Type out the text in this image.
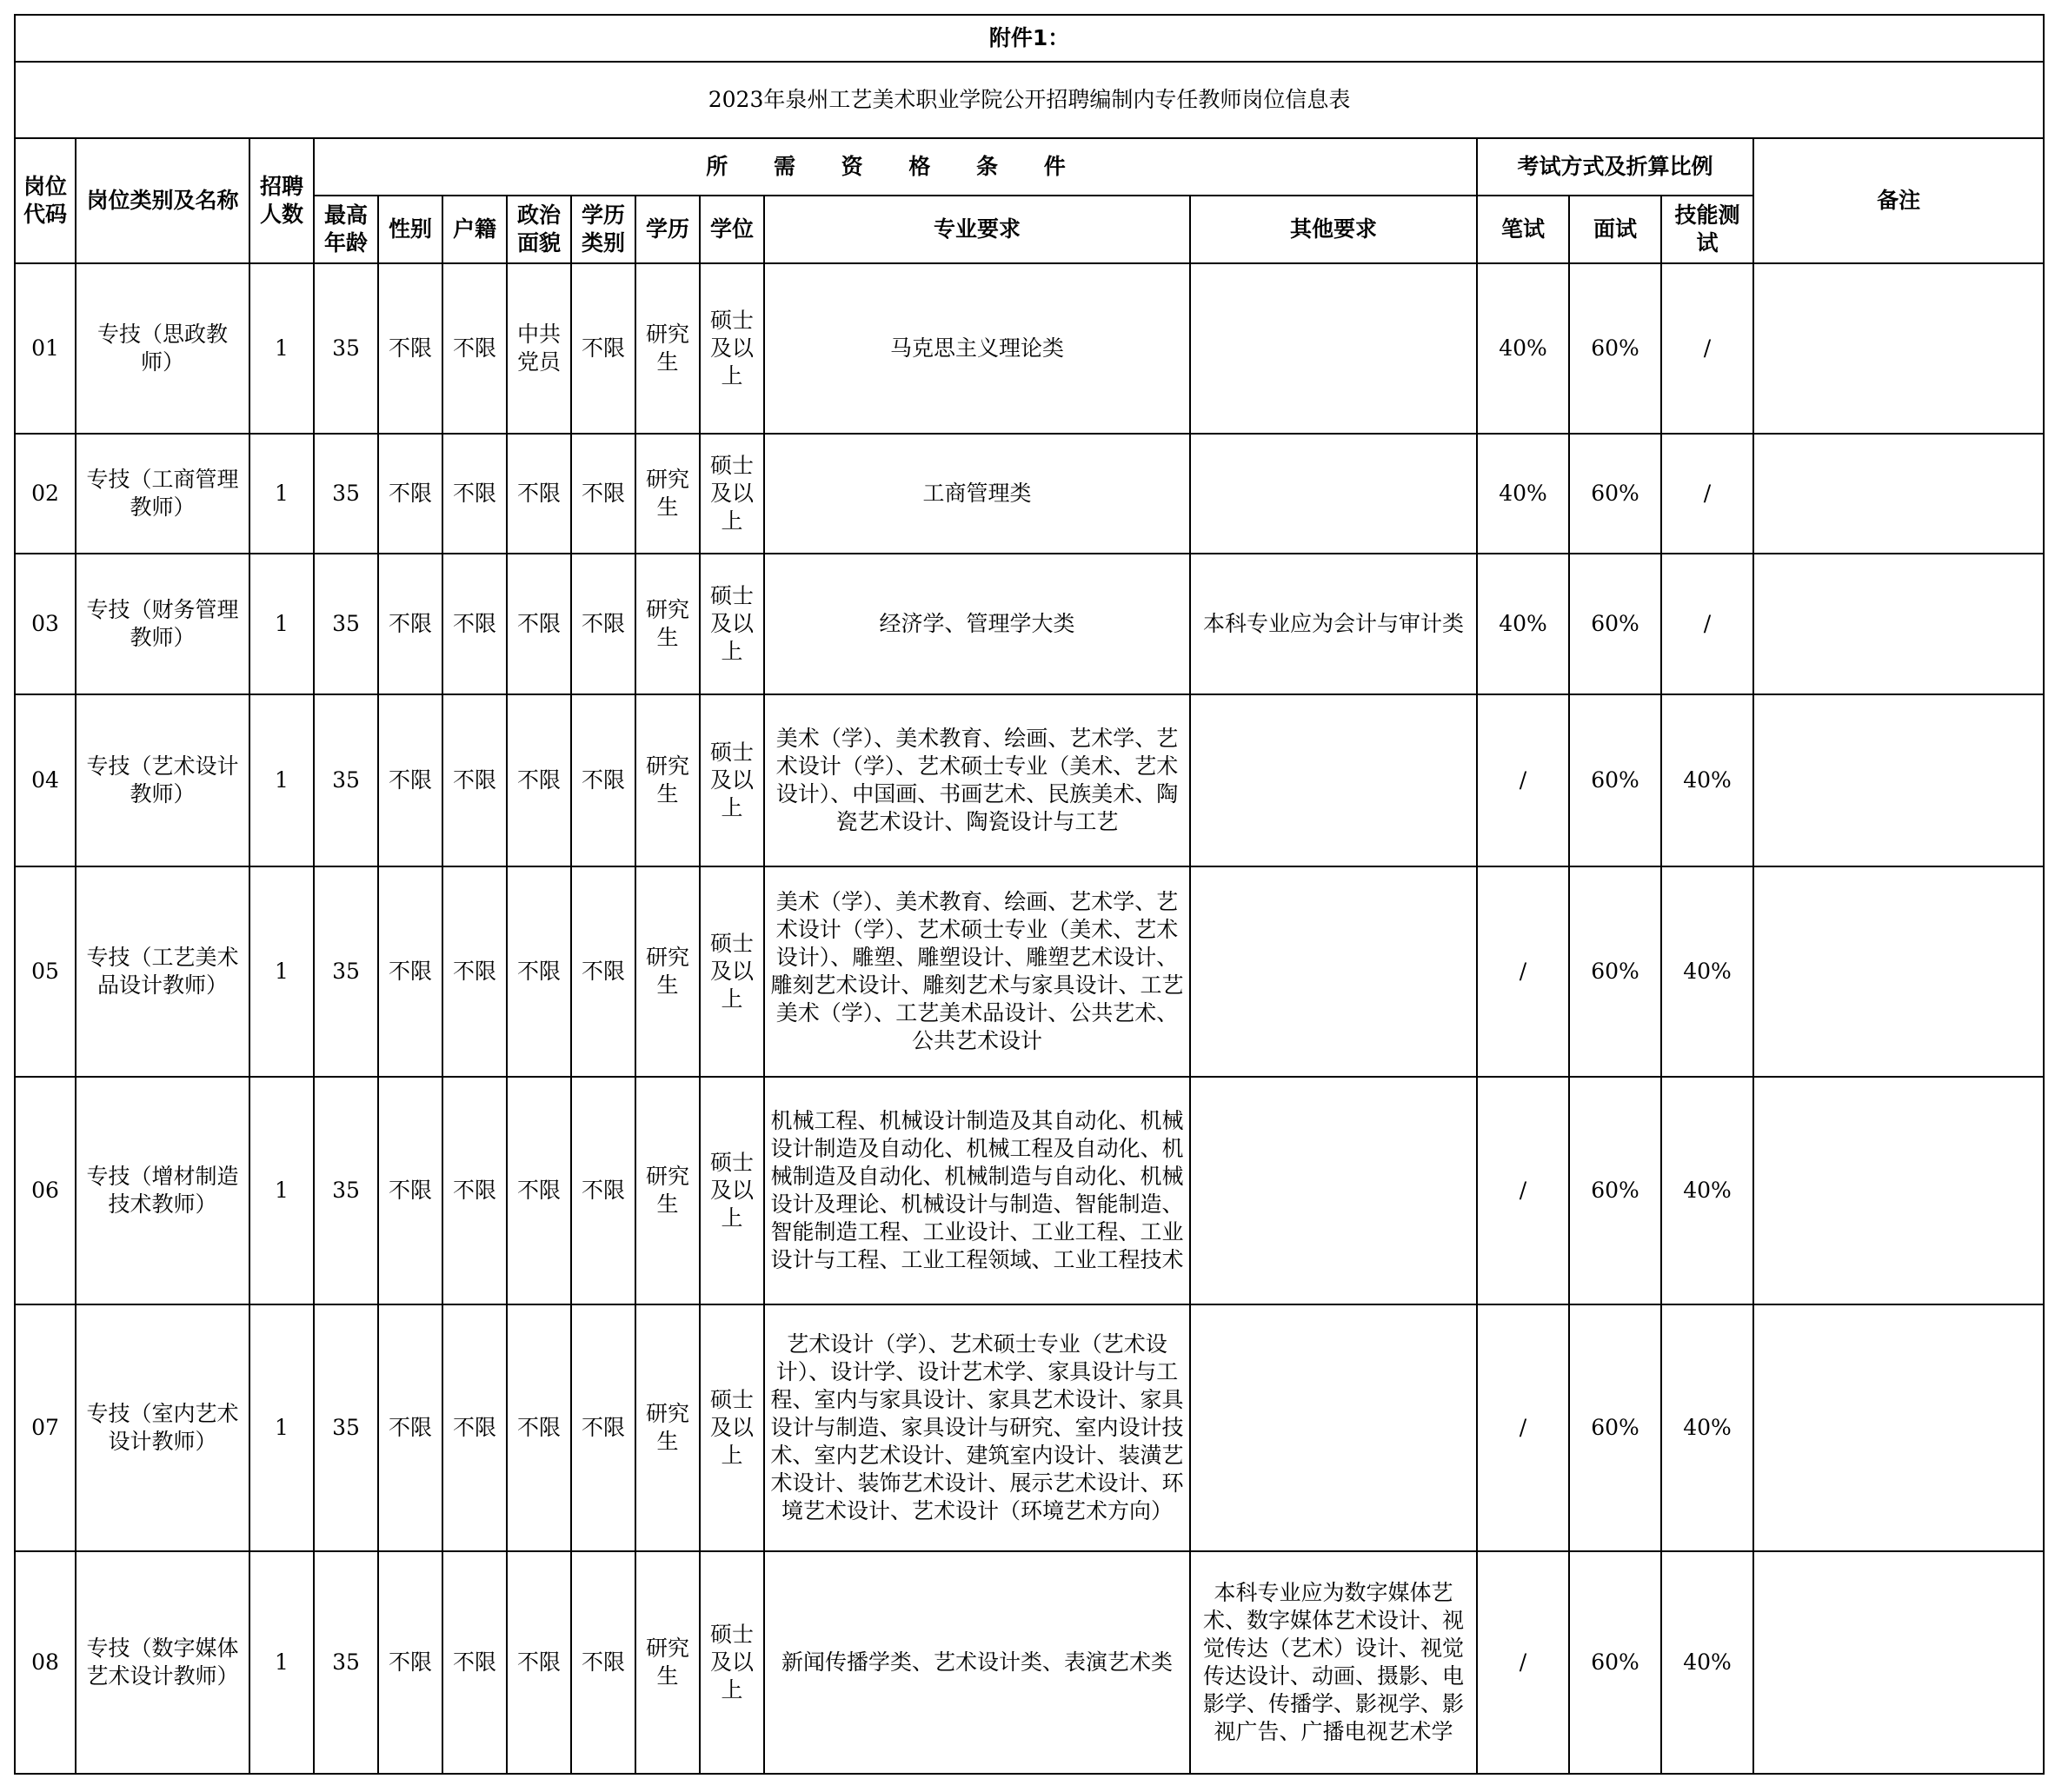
附件1：															
2023年泉州工艺美术职业学院公开招聘编制内专任教师岗位信息表															
岗位代码	岗位类别及名称	招聘人数	所 需 资 格 条 件									考试方式及折算比例			备注
			最高年龄	性别	户籍	政治面貌	学历类别	学历	学位	专业要求	其他要求	笔试	面试	技能测试	
01	专技（思政教师）	1	35	不限	不限	中共党员	不限	研究生	硕士及以上	马克思主义理论类		40%	60%	/	
02	专技（工商管理教师）	1	35	不限	不限	不限	不限	研究生	硕士及以上	工商管理类		40%	60%	/	
03	专技（财务管理教师）	1	35	不限	不限	不限	不限	研究生	硕士及以上	经济学、管理学大类	本科专业应为会计与审计类	40%	60%	/	
04	专技（艺术设计教师）	1	35	不限	不限	不限	不限	研究生	硕士及以上	美术（学）、美术教育、绘画、艺术学、艺术设计（学）、艺术硕士专业（美术、艺术设计）、中国画、书画艺术、民族美术、陶瓷艺术设计、陶瓷设计与工艺		/	60%	40%	
05	专技（工艺美术品设计教师）	1	35	不限	不限	不限	不限	研究生	硕士及以上	美术（学）、美术教育、绘画、艺术学、艺术设计（学）、艺术硕士专业（美术、艺术设计）、雕塑、雕塑设计、雕塑艺术设计、雕刻艺术设计、雕刻艺术与家具设计、工艺美术（学）、工艺美术品设计、公共艺术、公共艺术设计		/	60%	40%	
06	专技（增材制造技术教师）	1	35	不限	不限	不限	不限	研究生	硕士及以上	机械工程、机械设计制造及其自动化、机械设计制造及自动化、机械工程及自动化、机械制造及自动化、机械制造与自动化、机械设计及理论、机械设计与制造、智能制造、智能制造工程、工业设计、工业工程、工业设计与工程、工业工程领域、工业工程技术		/	60%	40%	
07	专技（室内艺术设计教师）	1	35	不限	不限	不限	不限	研究生	硕士及以上	艺术设计（学）、艺术硕士专业（艺术设计）、设计学、设计艺术学、家具设计与工程、室内与家具设计、家具艺术设计、家具设计与制造、家具设计与研究、室内设计技术、室内艺术设计、建筑室内设计、装潢艺术设计、装饰艺术设计、展示艺术设计、环境艺术设计、艺术设计（环境艺术方向）		/	60%	40%	
08	专技（数字媒体艺术设计教师）	1	35	不限	不限	不限	不限	研究生	硕士及以上	新闻传播学类、艺术设计类、表演艺术类	本科专业应为数字媒体艺术、数字媒体艺术设计、视觉传达（艺术）设计、视觉传达设计、动画、摄影、电影学、传播学、影视学、影视广告、广播电视艺术学	/	60%	40%	
